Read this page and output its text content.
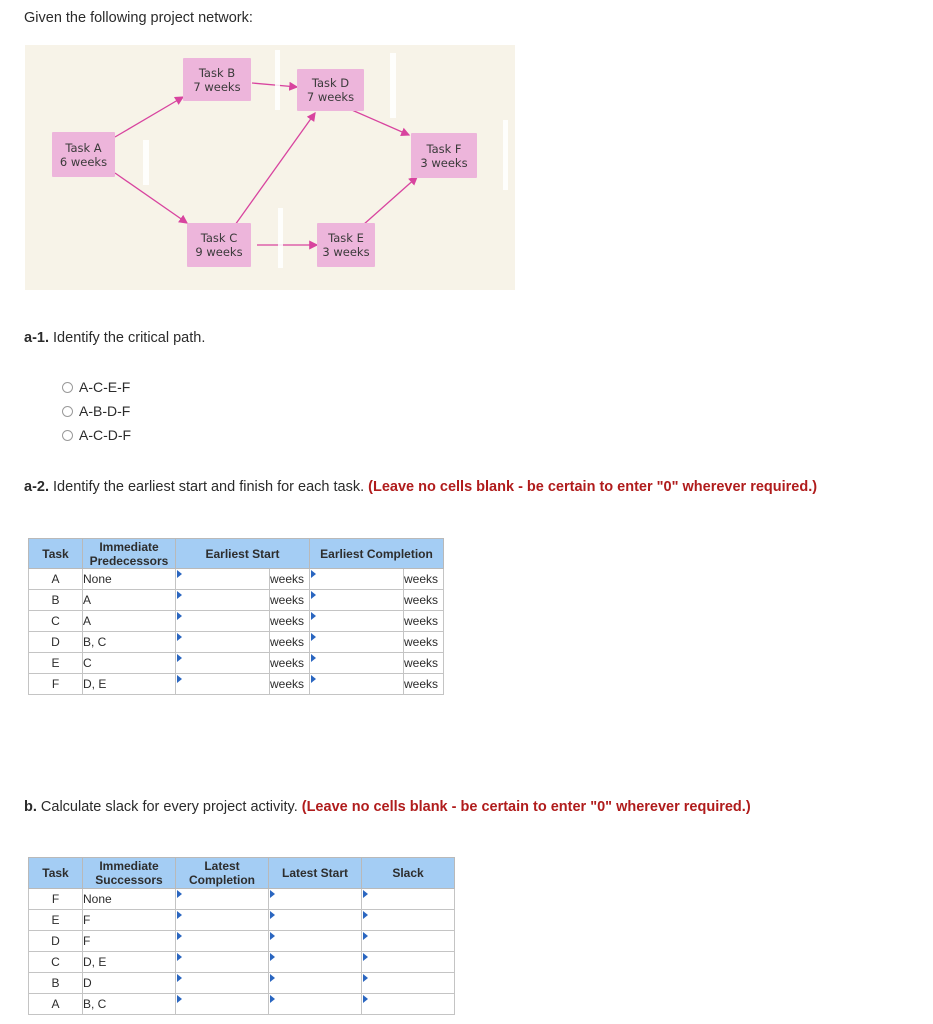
Given the following project network:
Task A
6 weeks
Task B
7 weeks
Task C
9 weeks
Task D
7 weeks
Task E
3 weeks
Task F
3 weeks
a-1. Identify the critical path.
A-C-E-F
A-B-D-F
A-C-D-F
a-2. Identify the earliest start and finish for each task. (Leave no cells blank - be certain to enter "0" wherever required.)
Task	Immediate Predecessors	Earliest Start		Earliest Completion	
A	None		weeks		weeks
B	A		weeks		weeks
C	A		weeks		weeks
D	B, C		weeks		weeks
E	C		weeks		weeks
F	D, E		weeks		weeks
b. Calculate slack for every project activity. (Leave no cells blank - be certain to enter "0" wherever required.)
Task	Immediate Successors	Latest Completion	Latest Start	Slack
F	None			
E	F			
D	F			
C	D, E			
B	D			
A	B, C			
